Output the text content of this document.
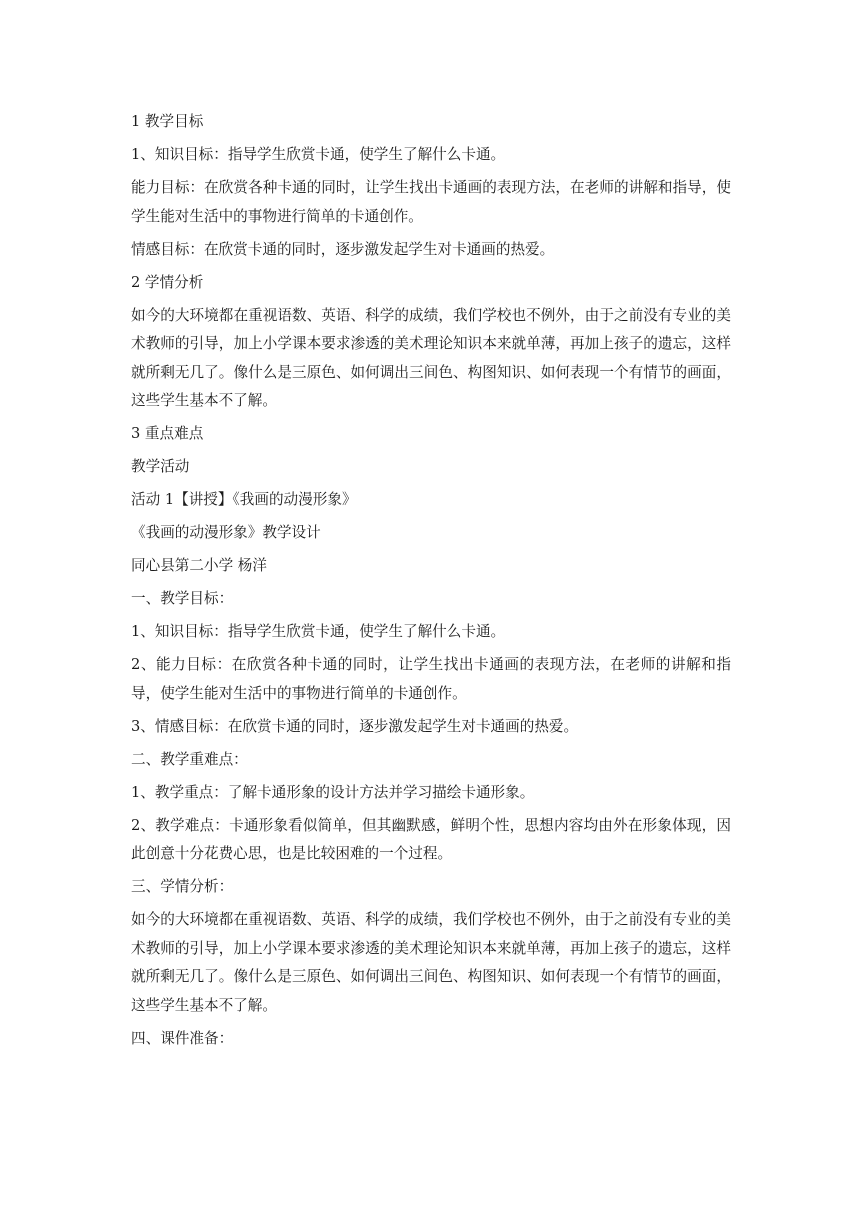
1 教学目标

1、知识目标：指导学生欣赏卡通，使学生了解什么卡通。

能力目标：在欣赏各种卡通的同时，让学生找出卡通画的表现方法，在老师的讲解和指导，使学生能对生活中的事物进行简单的卡通创作。

情感目标：在欣赏卡通的同时，逐步激发起学生对卡通画的热爱。

2 学情分析

如今的大环境都在重视语数、英语、科学的成绩，我们学校也不例外，由于之前没有专业的美术教师的引导，加上小学课本要求渗透的美术理论知识本来就单薄，再加上孩子的遗忘，这样就所剩无几了。像什么是三原色、如何调出三间色、构图知识、如何表现一个有情节的画面，这些学生基本不了解。

3 重点难点

教学活动

活动 1【讲授】《我画的动漫形象》

《我画的动漫形象》教学设计

同心县第二小学 杨洋

一、教学目标：

1、知识目标：指导学生欣赏卡通，使学生了解什么卡通。

2、能力目标：在欣赏各种卡通的同时，让学生找出卡通画的表现方法，在老师的讲解和指导，使学生能对生活中的事物进行简单的卡通创作。

3、情感目标：在欣赏卡通的同时，逐步激发起学生对卡通画的热爱。

二、教学重难点：

1、教学重点：了解卡通形象的设计方法并学习描绘卡通形象。

2、教学难点：卡通形象看似简单，但其幽默感，鲜明个性，思想内容均由外在形象体现，因此创意十分花费心思，也是比较困难的一个过程。

三、学情分析：

如今的大环境都在重视语数、英语、科学的成绩，我们学校也不例外，由于之前没有专业的美术教师的引导，加上小学课本要求渗透的美术理论知识本来就单薄，再加上孩子的遗忘，这样就所剩无几了。像什么是三原色、如何调出三间色、构图知识、如何表现一个有情节的画面，这些学生基本不了解。

四、课件准备：
